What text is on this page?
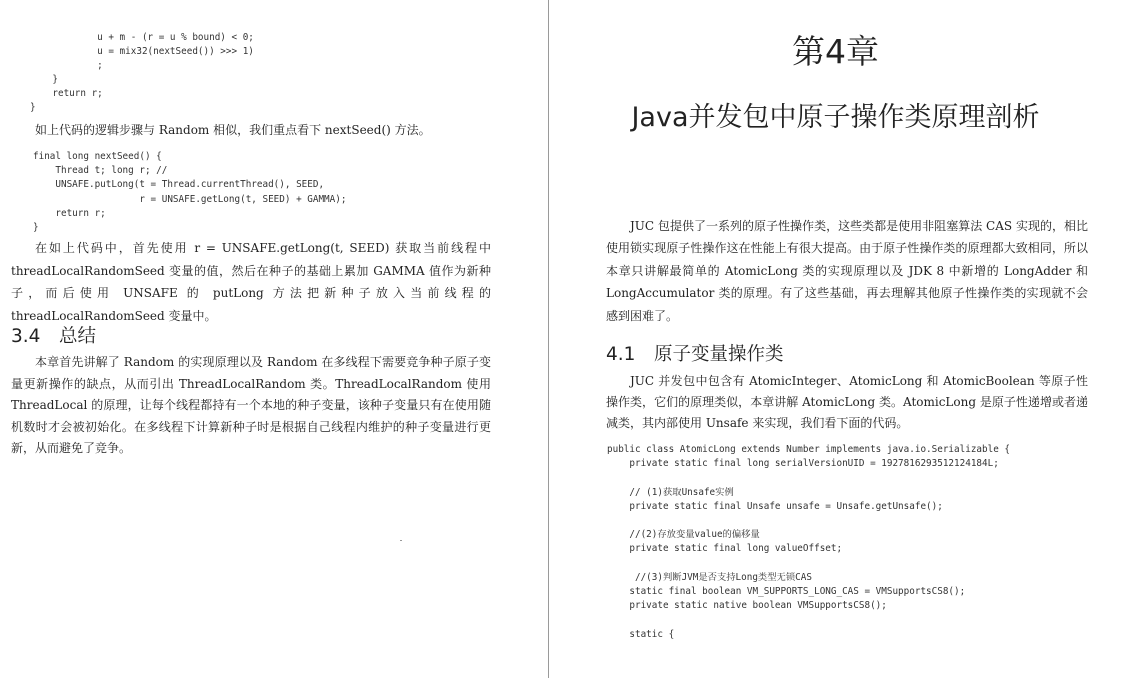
u + m - (r = u % bound) < 0;
u = mix32(nextSeed()) >>> 1)
;
}
return r;
}

如上代码的逻辑步骤与 Random 相似，我们重点看下 nextSeed() 方法。

final long nextSeed() {
Thread t; long r; //
UNSAFE.putLong(t = Thread.currentThread(), SEED,
r = UNSAFE.getLong(t, SEED) + GAMMA);
return r;
}

在如上代码中，首先使用 r = UNSAFE.getLong(t, SEED) 获取当前线程中 threadLocalRandomSeed 变量的值，然后在种子的基础上累加 GAMMA 值作为新种子，而后使用 UNSAFE 的 putLong 方法把新种子放入当前线程的 threadLocalRandomSeed 变量中。

3.4 总结

本章首先讲解了 Random 的实现原理以及 Random 在多线程下需要竞争种子原子变量更新操作的缺点，从而引出 ThreadLocalRandom 类。ThreadLocalRandom 使用 ThreadLocal 的原理，让每个线程都持有一个本地的种子变量，该种子变量只有在使用随机数时才会被初始化。在多线程下计算新种子时是根据自己线程内维护的种子变量进行更新，从而避免了竞争。

第4章
Java并发包中原子操作类原理剖析

JUC 包提供了一系列的原子性操作类，这些类都是使用非阻塞算法 CAS 实现的，相比使用锁实现原子性操作这在性能上有很大提高。由于原子性操作类的原理都大致相同，所以本章只讲解最简单的 AtomicLong 类的实现原理以及 JDK 8 中新增的 LongAdder 和 LongAccumulator 类的原理。有了这些基础，再去理解其他原子性操作类的实现就不会感到困难了。

4.1 原子变量操作类

JUC 并发包中包含有 AtomicInteger、AtomicLong 和 AtomicBoolean 等原子性操作类，它们的原理类似，本章讲解 AtomicLong 类。AtomicLong 是原子性递增或者递减类，其内部使用 Unsafe 来实现，我们看下面的代码。

public class AtomicLong extends Number implements java.io.Serializable {
private static final long serialVersionUID = 1927816293512124184L;

// (1)获取Unsafe实例
private static final Unsafe unsafe = Unsafe.getUnsafe();

//(2)存放变量value的偏移量
private static final long valueOffset;

//(3)判断JVM是否支持Long类型无锁CAS
static final boolean VM_SUPPORTS_LONG_CAS = VMSupportsCS8();
private static native boolean VMSupportsCS8();

static {
